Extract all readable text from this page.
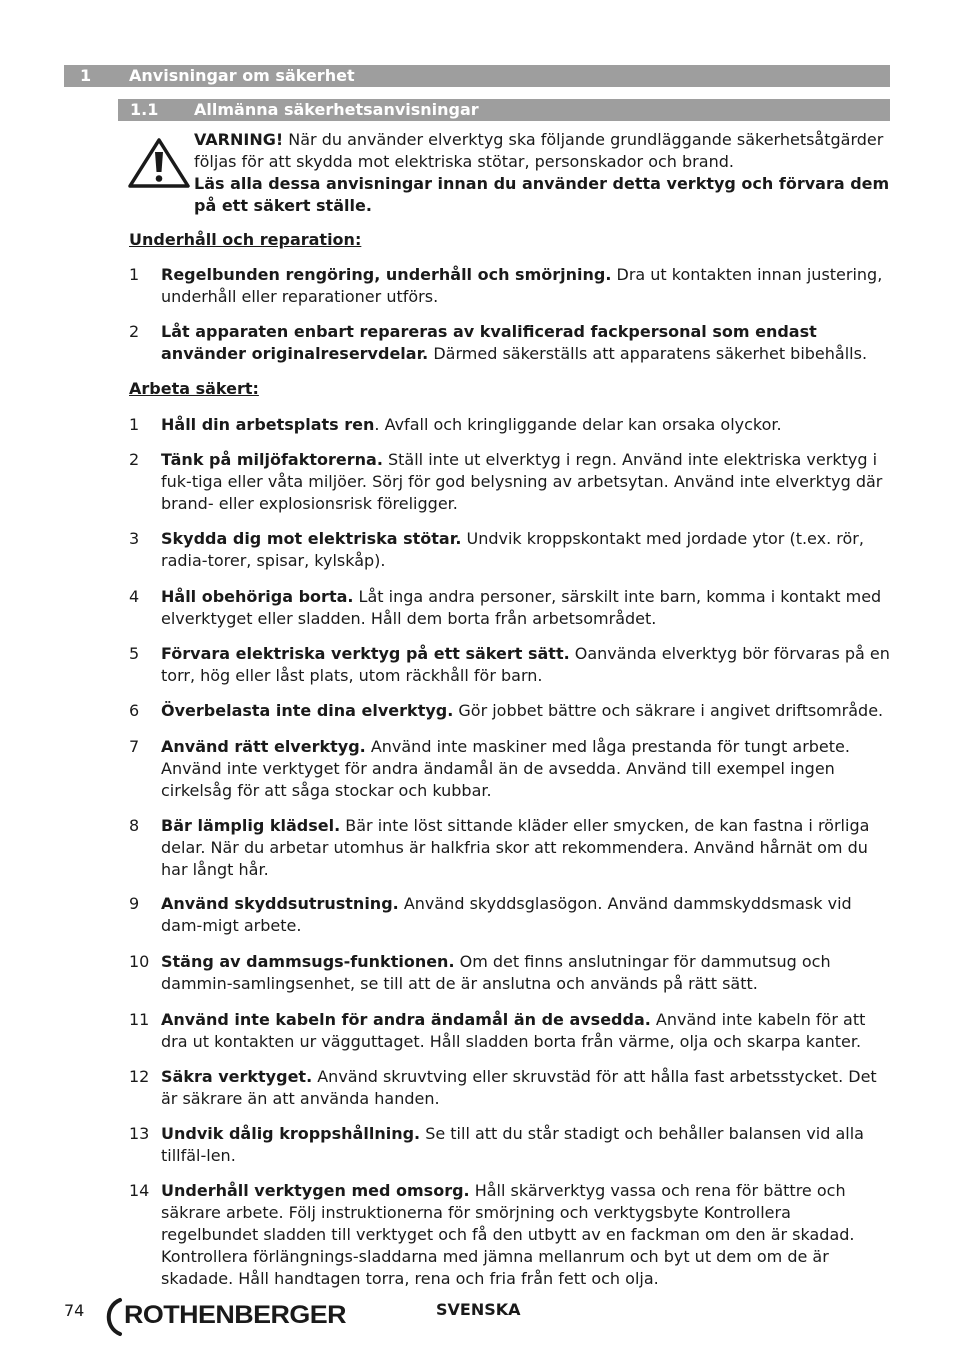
1 Anvisningar om säkerhet
1.1 Allmänna säkerhetsanvisningar
VARNING! När du använder elverktyg ska följande grundläggande säkerhetsåtgärder följas för att skydda mot elektriska stötar, personskador och brand.
Läs alla dessa anvisningar innan du använder detta verktyg och förvara dem på ett säkert ställe.
Underhåll och reparation:
1	Regelbunden rengöring, underhåll och smörjning. Dra ut kontakten innan justering, underhåll eller reparationer utförs.
2	Låt apparaten enbart repareras av kvalificerad fackpersonal som endast använder originalreservdelar. Därmed säkerställs att apparatens säkerhet bibehålls.
Arbeta säkert:
1	Håll din arbetsplats ren. Avfall och kringliggande delar kan orsaka olyckor.
2	Tänk på miljöfaktorerna. Ställ inte ut elverktyg i regn. Använd inte elektriska verktyg i fuk-tiga eller våta miljöer. Sörj för god belysning av arbetsytan. Använd inte elverktyg där brand- eller explosionsrisk föreligger.
3	Skydda dig mot elektriska stötar. Undvik kroppskontakt med jordade ytor (t.ex. rör, radia-torer, spisar, kylskåp).
4	Håll obehöriga borta. Låt inga andra personer, särskilt inte barn, komma i kontakt med elverktyget eller sladden. Håll dem borta från arbetsområdet.
5	Förvara elektriska verktyg på ett säkert sätt. Oanvända elverktyg bör förvaras på en torr, hög eller låst plats, utom räckhåll för barn.
6	Överbelasta inte dina elverktyg. Gör jobbet bättre och säkrare i angivet driftsområde.
7	Använd rätt elverktyg. Använd inte maskiner med låga prestanda för tungt arbete. Använd inte verktyget för andra ändamål än de avsedda. Använd till exempel ingen cirkelsåg för att såga stockar och kubbar.
8	Bär lämplig klädsel. Bär inte löst sittande kläder eller smycken, de kan fastna i rörliga delar. När du arbetar utomhus är halkfria skor att rekommendera. Använd hårnät om du har långt hår.
9	Använd skyddsutrustning. Använd skyddsglasögon. Använd dammskyddsmask vid dam-migt arbete.
10 Stäng av dammsugs-funktionen. Om det finns anslutningar för dammutsug och dammin-samlingsenhet, se till att de är anslutna och används på rätt sätt.
11 Använd inte kabeln för andra ändamål än de avsedda. Använd inte kabeln för att dra ut kontakten ur vägguttaget. Håll sladden borta från värme, olja och skarpa kanter.
12 Säkra verktyget. Använd skruvtving eller skruvstäd för att hålla fast arbetsstycket. Det är säkrare än att använda handen.
13 Undvik dålig kroppshållning. Se till att du står stadigt och behåller balansen vid alla tillfäl-len.
14 Underhåll verktygen med omsorg. Håll skärverktyg vassa och rena för bättre och säkrare arbete. Följ instruktionerna för smörjning och verktygsbyte Kontrollera regelbundet sladden till verktyget och få den utbytt av en fackman om den är skadad. Kontrollera förlängnings-sladdarna med jämna mellanrum och byt ut dem om de är skadade. Håll handtagen torra, rena och fria från fett och olja.
74 ROTHENBERGER	SVENSKA
